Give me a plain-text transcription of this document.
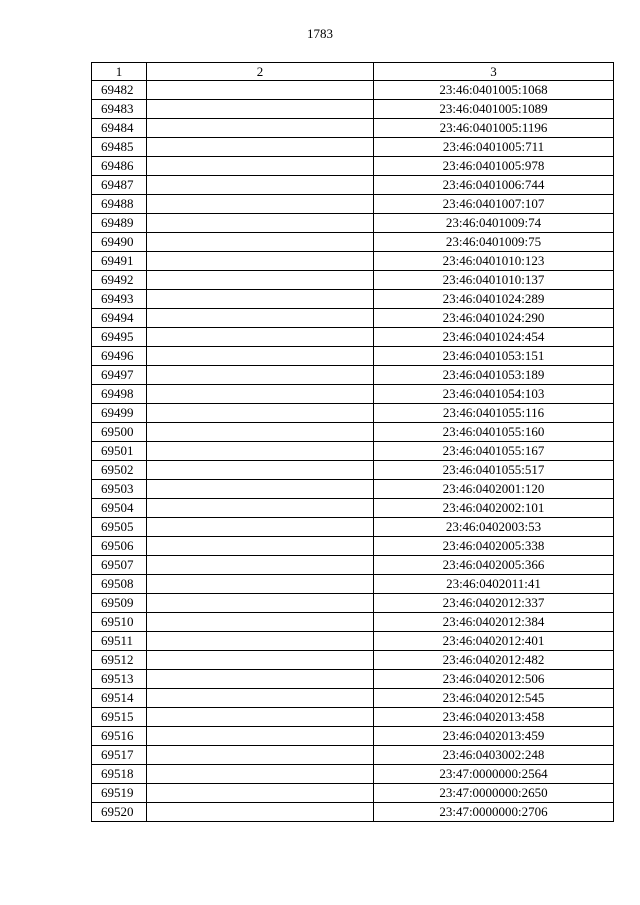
1783
1	2	3
69482		23:46:0401005:1068
69483		23:46:0401005:1089
69484		23:46:0401005:1196
69485		23:46:0401005:711
69486		23:46:0401005:978
69487		23:46:0401006:744
69488		23:46:0401007:107
69489		23:46:0401009:74
69490		23:46:0401009:75
69491		23:46:0401010:123
69492		23:46:0401010:137
69493		23:46:0401024:289
69494		23:46:0401024:290
69495		23:46:0401024:454
69496		23:46:0401053:151
69497		23:46:0401053:189
69498		23:46:0401054:103
69499		23:46:0401055:116
69500		23:46:0401055:160
69501		23:46:0401055:167
69502		23:46:0401055:517
69503		23:46:0402001:120
69504		23:46:0402002:101
69505		23:46:0402003:53
69506		23:46:0402005:338
69507		23:46:0402005:366
69508		23:46:0402011:41
69509		23:46:0402012:337
69510		23:46:0402012:384
69511		23:46:0402012:401
69512		23:46:0402012:482
69513		23:46:0402012:506
69514		23:46:0402012:545
69515		23:46:0402013:458
69516		23:46:0402013:459
69517		23:46:0403002:248
69518		23:47:0000000:2564
69519		23:47:0000000:2650
69520		23:47:0000000:2706
